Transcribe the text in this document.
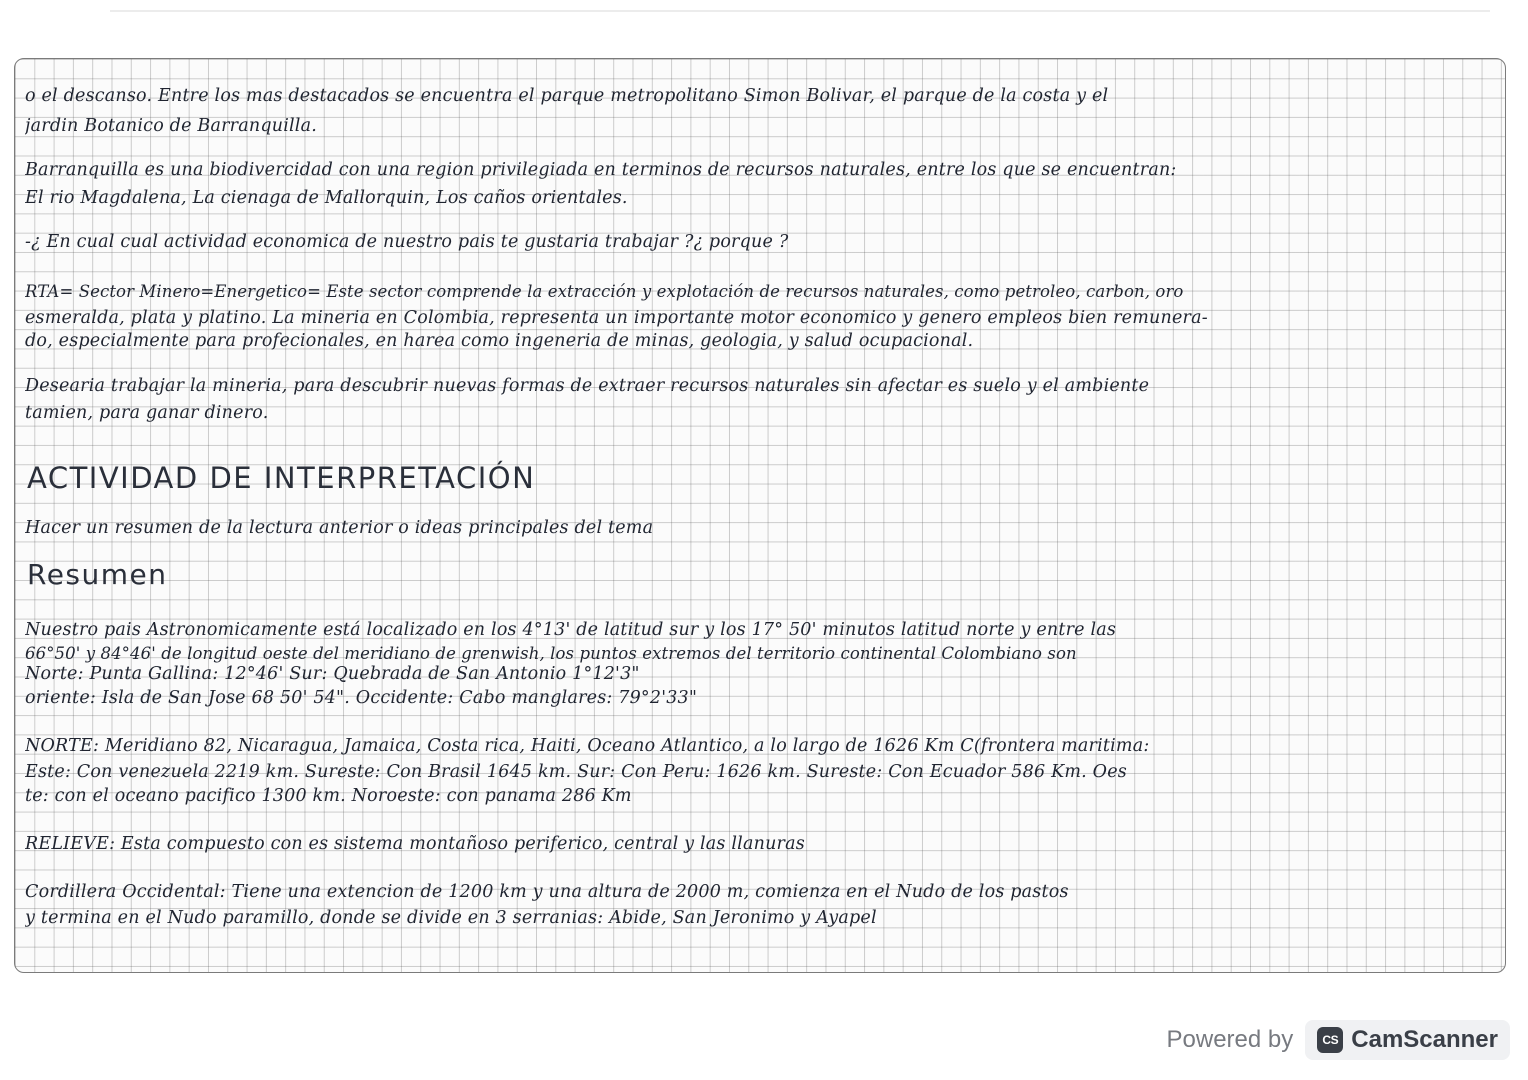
o el descanso. Entre los mas destacados se encuentra el parque metropolitano Simon Bolivar, el parque de la costa y el
jardin Botanico de Barranquilla.
Barranquilla es una biodivercidad con una region privilegiada en terminos de recursos naturales, entre los que se encuentran:
El rio Magdalena, La cienaga de Mallorquin, Los caños orientales.
-¿ En cual cual actividad economica de nuestro pais te gustaria trabajar ?¿ porque ?
RTA= Sector Minero=Energetico= Este sector comprende la extracción y explotación de recursos naturales, como petroleo, carbon, oro
esmeralda, plata y platino. La mineria en Colombia, representa un importante motor economico y genero empleos bien remunera-
do, especialmente para profecionales, en harea como ingeneria de minas, geologia, y salud ocupacional.
Desearia trabajar la mineria, para descubrir nuevas formas de extraer recursos naturales sin afectar es suelo y el ambiente
tamien, para ganar dinero.
ACTIVIDAD DE INTERPRETACIÓN
Hacer un resumen de la lectura anterior o ideas principales del tema
Resumen
Nuestro pais Astronomicamente está localizado en los 4°13' de latitud sur y los 17° 50' minutos latitud norte y entre las
66°50' y 84°46' de longitud oeste del meridiano de grenwish, los puntos extremos del territorio continental Colombiano son
Norte: Punta Gallina: 12°46' Sur: Quebrada de San Antonio 1°12'3"
oriente: Isla de San Jose 68 50' 54". Occidente: Cabo manglares: 79°2'33"
NORTE: Meridiano 82, Nicaragua, Jamaica, Costa rica, Haiti, Oceano Atlantico, a lo largo de 1626 Km C(frontera maritima:
Este: Con venezuela 2219 km. Sureste: Con Brasil 1645 km. Sur: Con Peru: 1626 km. Sureste: Con Ecuador 586 Km. Oes
te: con el oceano pacifico 1300 km. Noroeste: con panama 286 Km
RELIEVE: Esta compuesto con es sistema montañoso periferico, central y las llanuras
Cordillera Occidental: Tiene una extencion de 1200 km y una altura de 2000 m, comienza en el Nudo de los pastos
y termina en el Nudo paramillo, donde se divide en 3 serranias: Abide, San Jeronimo y Ayapel
Powered by	CS CamScanner
